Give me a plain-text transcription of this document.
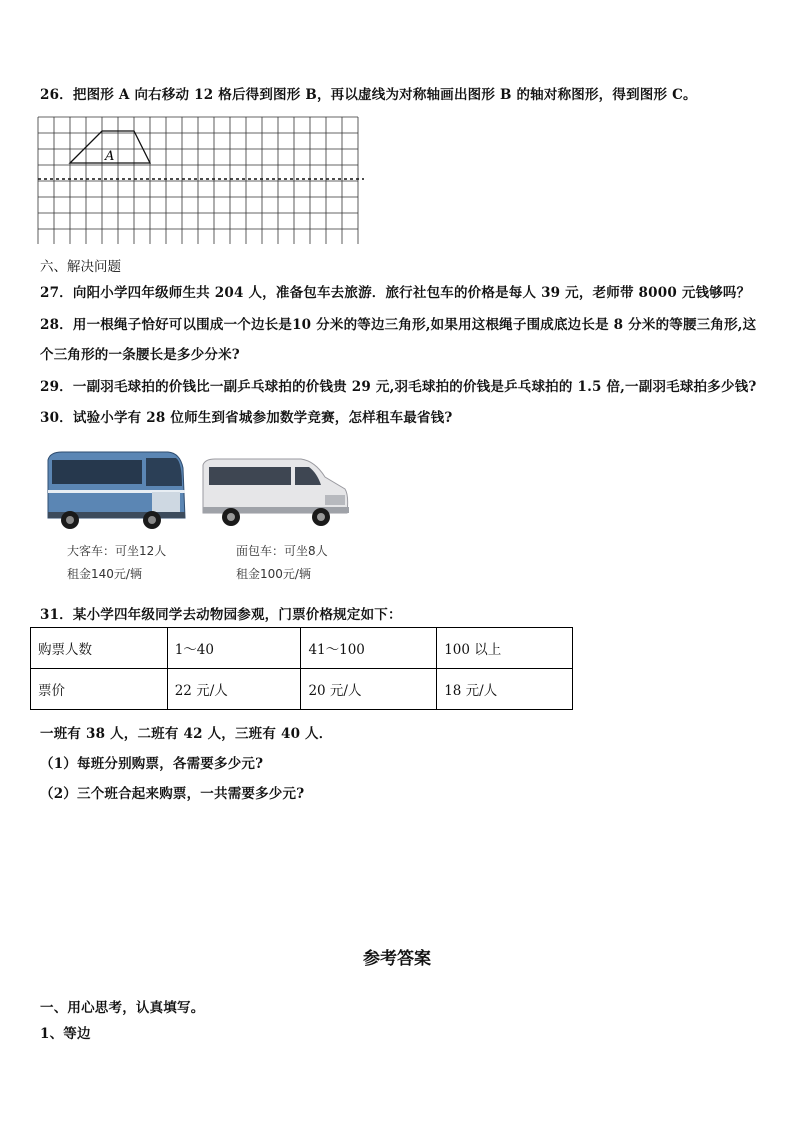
26．把图形 A 向右移动 12 格后得到图形 B，再以虚线为对称轴画出图形 B 的轴对称图形，得到图形 C。
A
六、解决问题
27．向阳小学四年级师生共 204 人，准备包车去旅游．旅行社包车的价格是每人 39 元，老师带 8000 元钱够吗？
28．用一根绳子恰好可以围成一个边长是10 分米的等边三角形,如果用这根绳子围成底边长是 8 分米的等腰三角形,这
个三角形的一条腰长是多少分米?
29．一副羽毛球拍的价钱比一副乒乓球拍的价钱贵 29 元,羽毛球拍的价钱是乒乓球拍的 1.5 倍,一副羽毛球拍多少钱?
30．试验小学有 28 位师生到省城参加数学竞赛，怎样租车最省钱?
大客车：可坐12人
租金140元/辆
面包车：可坐8人
租金100元/辆
31．某小学四年级同学去动物园参观，门票价格规定如下：
购票人数	1～40	41～100	100 以上
票价	22 元/人	20 元/人	18 元/人
一班有 38 人，二班有 42 人，三班有 40 人．
（1）每班分别购票，各需要多少元?
（2）三个班合起来购票，一共需要多少元?
参考答案
一、用心思考，认真填写。
1、等边
